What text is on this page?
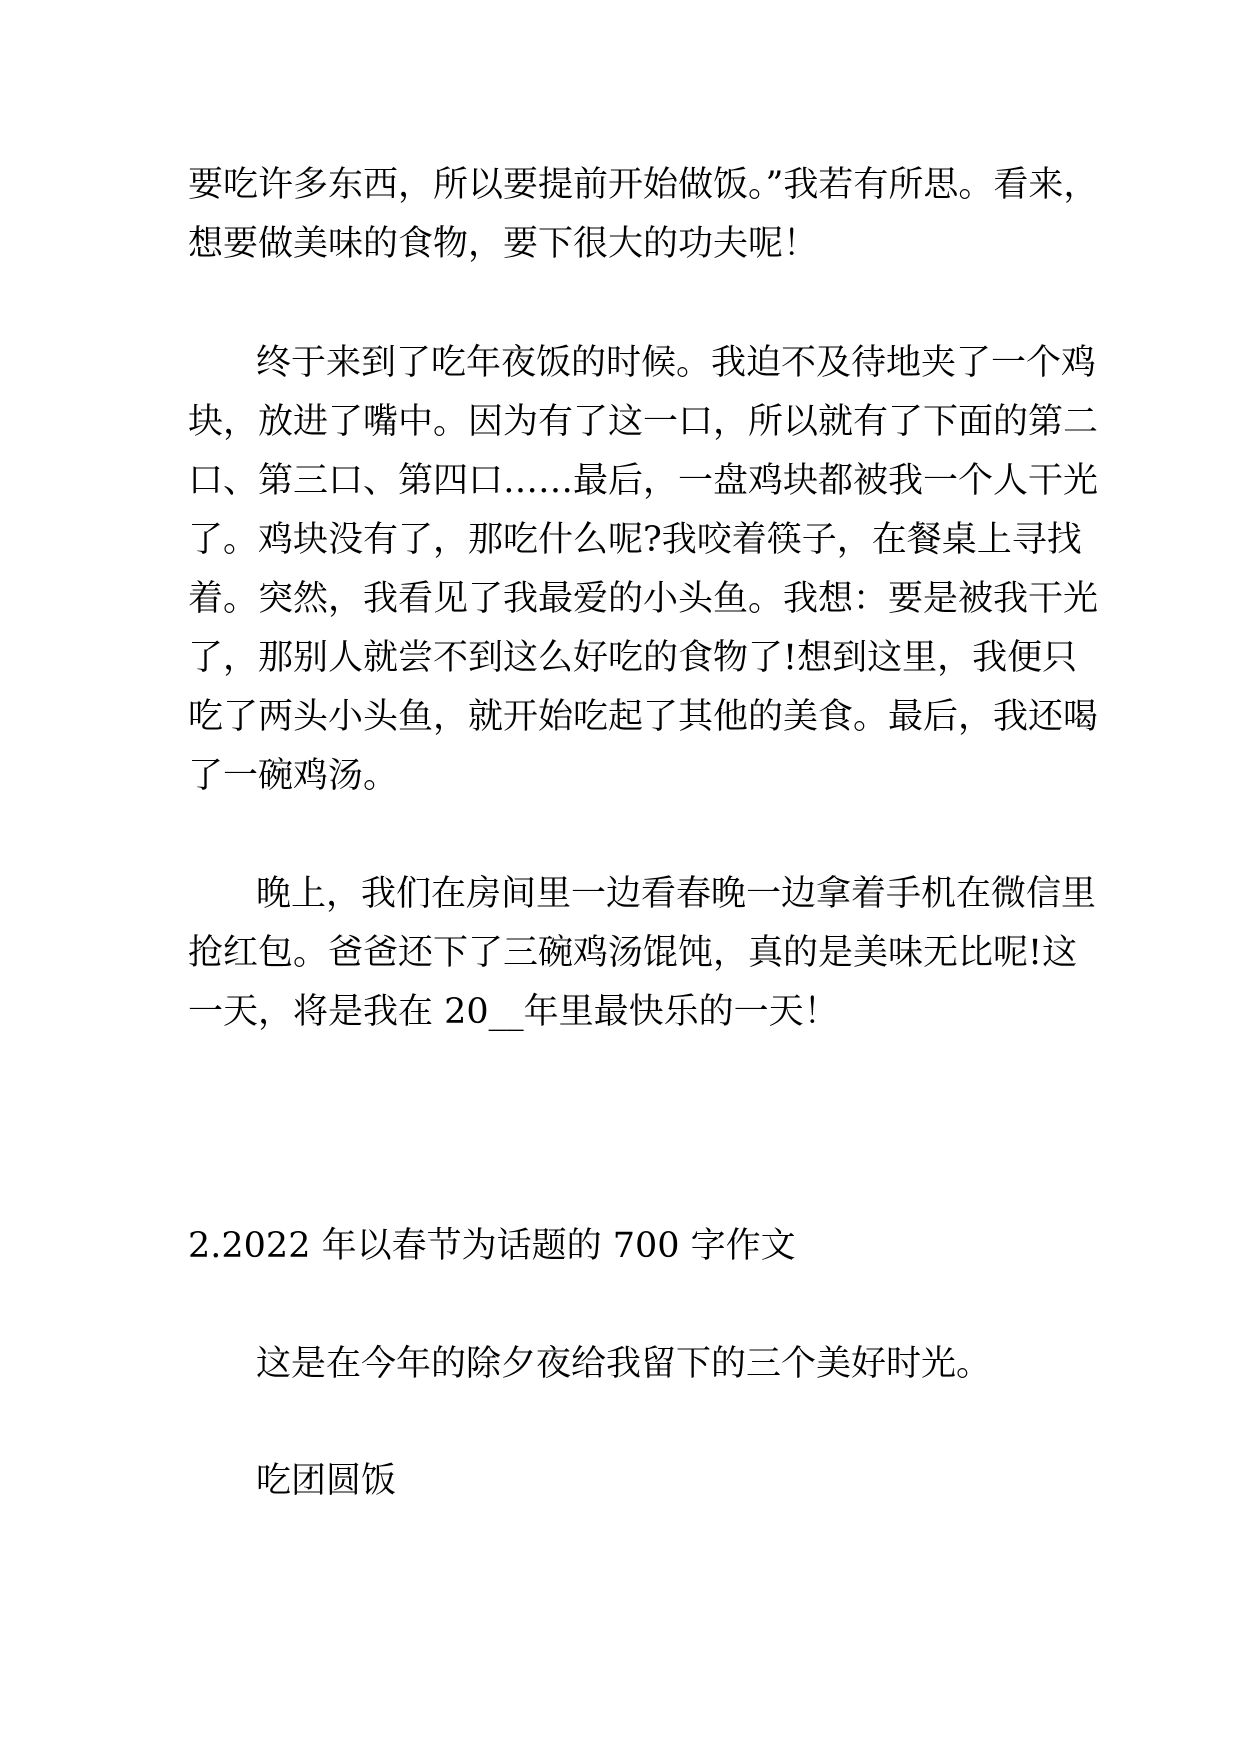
要吃许多东西，所以要提前开始做饭。”我若有所思。看来，
想要做美味的食物，要下很大的功夫呢！
终于来到了吃年夜饭的时候。我迫不及待地夹了一个鸡
块，放进了嘴中。因为有了这一口，所以就有了下面的第二
口、第三口、第四口……最后，一盘鸡块都被我一个人干光
了。鸡块没有了，那吃什么呢?我咬着筷子，在餐桌上寻找
着。突然，我看见了我最爱的小头鱼。我想：要是被我干光
了，那别人就尝不到这么好吃的食物了!想到这里，我便只
吃了两头小头鱼，就开始吃起了其他的美食。最后，我还喝
了一碗鸡汤。
晚上，我们在房间里一边看春晚一边拿着手机在微信里
抢红包。爸爸还下了三碗鸡汤馄饨，真的是美味无比呢!这
一天，将是我在 20__年里最快乐的一天！
2.2022 年以春节为话题的 700 字作文
这是在今年的除夕夜给我留下的三个美好时光。
吃团圆饭
